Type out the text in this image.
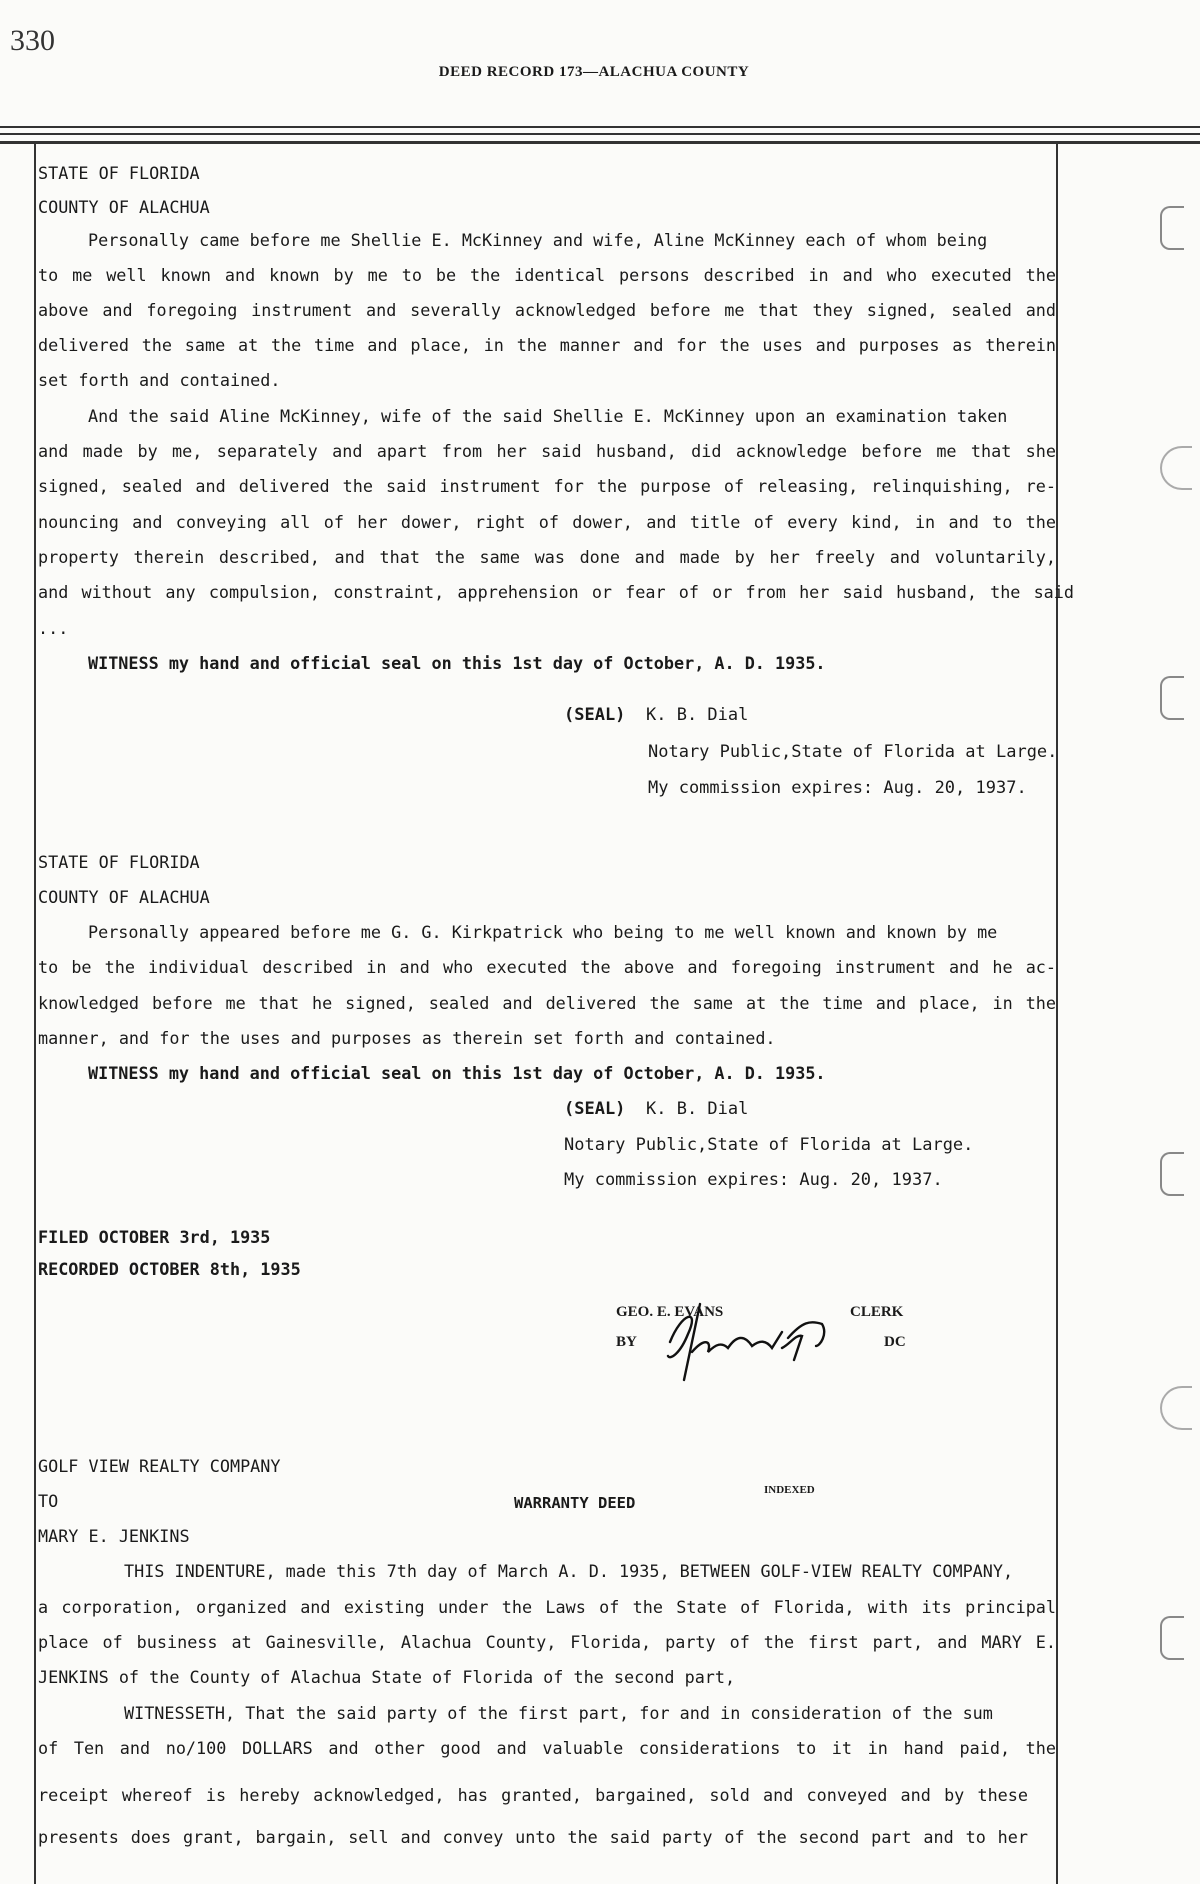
330
DEED RECORD 173—ALACHUA COUNTY
STATE OF FLORIDA
COUNTY OF ALACHUA
Personally came before me Shellie E. McKinney and wife, Aline McKinney each of whom being
to me well known and known by me to be the identical persons described in and who executed the
above and foregoing instrument and severally acknowledged before me that they signed, sealed and
delivered the same at the time and place, in the manner and for the uses and purposes as therein
set forth and contained.
And the said Aline McKinney, wife of the said Shellie E. McKinney upon an examination taken
and made by me, separately and apart from her said husband, did acknowledge before me that she
signed, sealed and delivered the said instrument for the purpose of releasing, relinquishing, re-
nouncing and conveying all of her dower, right of dower, and title of every kind, in and to the
property therein described, and that the same was done and made by her freely and voluntarily,
and without any compulsion, constraint, apprehension or fear of or from her said husband, the said
...
WITNESS my hand and official seal on this 1st day of October, A. D. 1935.
(SEAL) K. B. Dial
Notary Public,State of Florida at Large.
My commission expires: Aug. 20, 1937.
STATE OF FLORIDA
COUNTY OF ALACHUA
Personally appeared before me G. G. Kirkpatrick who being to me well known and known by me
to be the individual described in and who executed the above and foregoing instrument and he ac-
knowledged before me that he signed, sealed and delivered the same at the time and place, in the
manner, and for the uses and purposes as therein set forth and contained.
WITNESS my hand and official seal on this 1st day of October, A. D. 1935.
(SEAL) K. B. Dial
Notary Public,State of Florida at Large.
My commission expires: Aug. 20, 1937.
FILED OCTOBER 3rd, 1935
RECORDED OCTOBER 8th, 1935
GEO. E. EVANS	CLERK
BY	DC
GOLF VIEW REALTY COMPANY
TO	WARRANTY DEED
INDEXED
MARY E. JENKINS
THIS INDENTURE, made this 7th day of March A. D. 1935, BETWEEN GOLF-VIEW REALTY COMPANY,
a corporation, organized and existing under the Laws of the State of Florida, with its principal
place of business at Gainesville, Alachua County, Florida, party of the first part, and MARY E.
JENKINS of the County of Alachua State of Florida of the second part,
WITNESSETH, That the said party of the first part, for and in consideration of the sum
of Ten and no/100 DOLLARS and other good and valuable considerations to it in hand paid, the
receipt whereof is hereby acknowledged, has granted, bargained, sold and conveyed and by these
presents does grant, bargain, sell and convey unto the said party of the second part and to her
